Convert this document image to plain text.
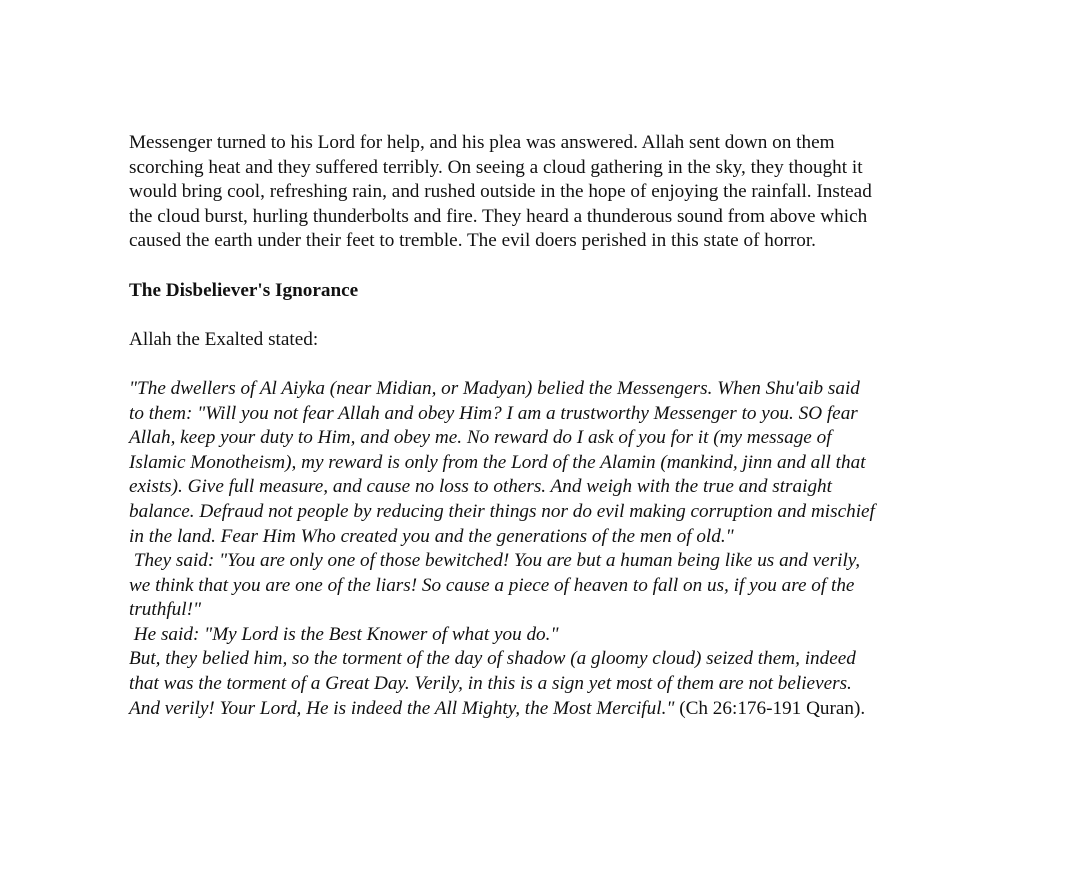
Messenger turned to his Lord for help, and his plea was answered. Allah sent down on them
scorching heat and they suffered terribly. On seeing a cloud gathering in the sky, they thought it
would bring cool, refreshing rain, and rushed outside in the hope of enjoying the rainfall. Instead
the cloud burst, hurling thunderbolts and fire. They heard a thunderous sound from above which
caused the earth under their feet to tremble. The evil doers perished in this state of horror.

The Disbeliever's Ignorance

Allah the Exalted stated:

"The dwellers of Al Aiyka (near Midian, or Madyan) belied the Messengers. When Shu'aib said
to them: "Will you not fear Allah and obey Him? I am a trustworthy Messenger to you. SO fear
Allah, keep your duty to Him, and obey me. No reward do I ask of you for it (my message of
Islamic Monotheism), my reward is only from the Lord of the Alamin (mankind, jinn and all that
exists). Give full measure, and cause no loss to others. And weigh with the true and straight
balance. Defraud not people by reducing their things nor do evil making corruption and mischief
in the land. Fear Him Who created you and the generations of the men of old."
They said: "You are only one of those bewitched! You are but a human being like us and verily,
we think that you are one of the liars! So cause a piece of heaven to fall on us, if you are of the
truthful!"
He said: "My Lord is the Best Knower of what you do."
But, they belied him, so the torment of the day of shadow (a gloomy cloud) seized them, indeed
that was the torment of a Great Day. Verily, in this is a sign yet most of them are not believers.
And verily! Your Lord, He is indeed the All Mighty, the Most Merciful." (Ch 26:176-191 Quran).
